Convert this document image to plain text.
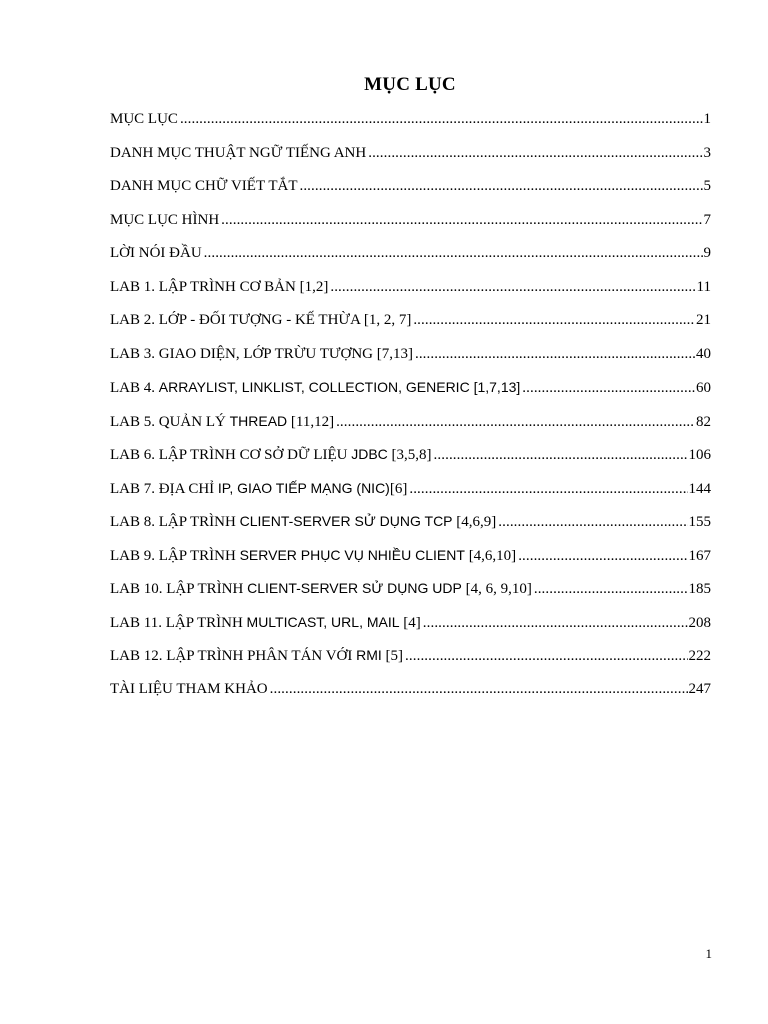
MỤC LỤC
MỤC LỤC .....	1
DANH MỤC THUẬT NGỮ TIẾNG ANH .....	3
DANH MỤC CHỮ VIẾT TẮT .....	5
MỤC LỤC HÌNH .....	7
LỜI NÓI ĐẦU .....	9
LAB 1. LẬP TRÌNH CƠ BẢN [1,2] .....	11
LAB 2. LỚP - ĐỐI TƯỢNG - KẾ THỪA [1, 2, 7] .....	21
LAB 3. GIAO DIỆN, LỚP TRỪU TƯỢNG [7,13] .....	40
LAB 4. ARRAYLIST, LINKLIST, COLLECTION, GENERIC [1,7,13] .....	60
LAB 5. QUẢN LÝ THREAD [11,12] .....	82
LAB 6. LẬP TRÌNH CƠ SỞ DỮ LIỆU JDBC [3,5,8] .....	106
LAB 7. ĐỊA CHỈ IP, GIAO TIẾP MẠNG (NIC)[6] .....	144
LAB 8. LẬP TRÌNH CLIENT-SERVER SỬ DỤNG TCP [4,6,9] .....	155
LAB 9. LẬP TRÌNH SERVER PHỤC VỤ NHIỀU CLIENT [4,6,10] .....	167
LAB 10. LẬP TRÌNH CLIENT-SERVER SỬ DỤNG UDP [4, 6, 9,10] .....	185
LAB 11. LẬP TRÌNH MULTICAST, URL, MAIL [4] .....	208
LAB 12. LẬP TRÌNH PHÂN TÁN VỚI RMI [5] .....	222
TÀI LIỆU THAM KHẢO .....	247
1
